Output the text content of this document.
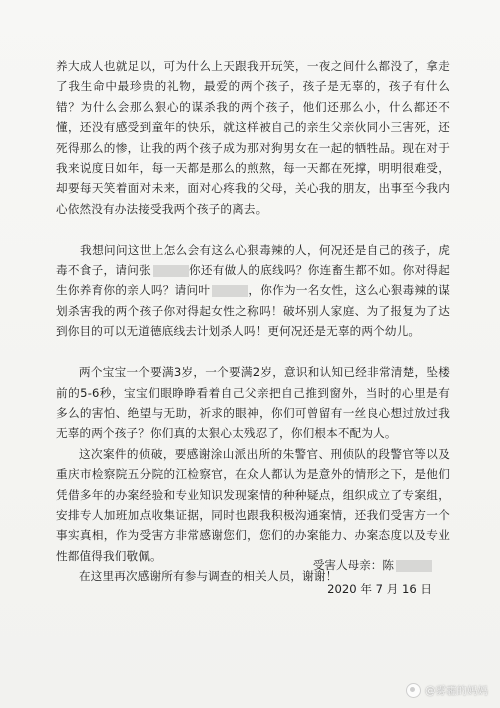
养大成人也就足以，可为什么上天跟我开玩笑，一夜之间什么都没了，拿走了我生命中最珍贵的礼物，最爱的两个孩子，孩子是无辜的，孩子有什么错？为什么会那么狠心的谋杀我的两个孩子，他们还那么小，什么都还不懂，还没有感受到童年的快乐，就这样被自己的亲生父亲伙同小三害死，还死得那么的惨，让我的两个孩子成为那对狗男女在一起的牺牲品。现在对于我来说度日如年，每一天都是那么的煎熬，每一天都在死撑，明明很难受，却要每天笑着面对未来，面对心疼我的父母，关心我的朋友，出事至今我内心依然没有办法接受我两个孩子的离去。

我想问问这世上怎么会有这么心狠毒辣的人，何况还是自己的孩子，虎毒不食子，请问张	你还有做人的底线吗？你连畜生都不如。你对得起生你养育你的亲人吗？请问叶	，你作为一名女性，这么心狠毒辣的谋划杀害我的两个孩子你对得起女性之称吗！破坏别人家庭、为了报复为了达到你目的可以无道德底线去计划杀人吗！更何况还是无辜的两个幼儿。

两个宝宝一个要满3岁，一个要满2岁，意识和认知已经非常清楚，坠楼前的5-6秒，宝宝们眼睁睁看着自己父亲把自己推到窗外，当时的心里是有多么的害怕、绝望与无助，祈求的眼神，你们可曾留有一丝良心想过放过我无辜的两个孩子？你们真的太狠心太残忍了，你们根本不配为人。

这次案件的侦破，要感谢涂山派出所的朱警官、刑侦队的段警官等以及重庆市检察院五分院的江检察官，在众人都认为是意外的情形之下，是他们凭借多年的办案经验和专业知识发现案情的种种疑点，组织成立了专案组，安排专人加班加点收集证据，同时也跟我积极沟通案情，还我们受害方一个事实真相，作为受害方非常感谢您们，您们的办案能力、办案态度以及专业性都值得我们敬佩。

在这里再次感谢所有参与调查的相关人员，谢谢！

受害人母亲：陈
2020 年 7 月 16 日
@雾霾的妈妈
